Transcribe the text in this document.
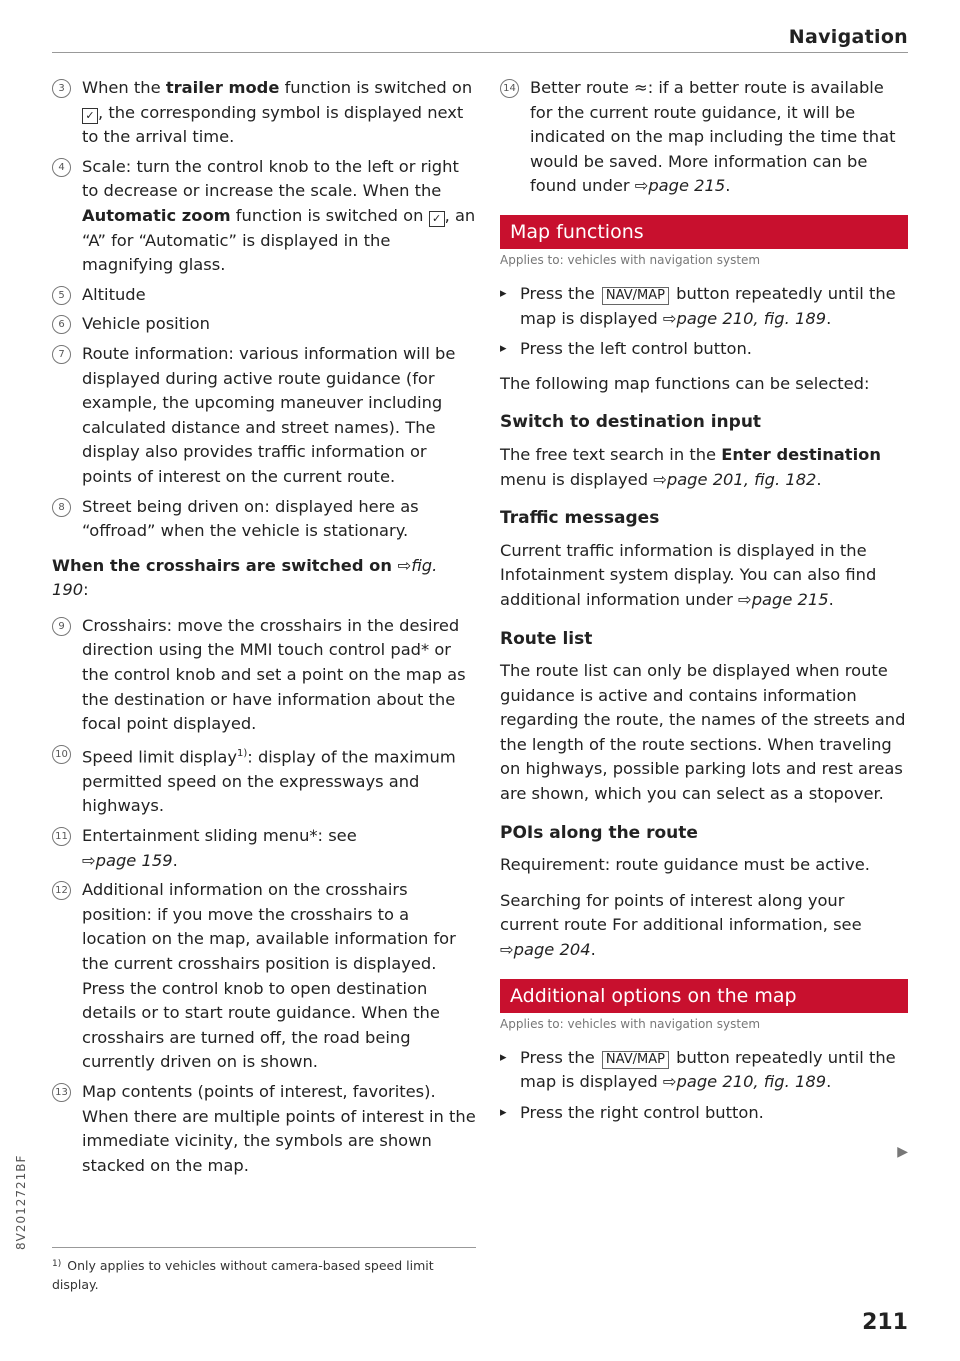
Navigation
3	When the trailer mode function is switched on ✓ , the corresponding symbol is displayed next to the arrival time.
4	Scale: turn the control knob to the left or right to decrease or increase the scale. When the Automatic zoom function is switched on ✓ , an “A” for “Automatic” is displayed in the magnifying glass.
5	Altitude
6	Vehicle position
7	Route information: various information will be displayed during active route guidance (for example, the upcoming maneuver including calculated distance and street names). The display also provides traffic information or points of interest on the current route.
8	Street being driven on: displayed here as “offroad” when the vehicle is stationary.
When the crosshairs are switched on ⇨fig. 190:
9	Crosshairs: move the crosshairs in the desired direction using the MMI touch control pad* or the control knob and set a point on the map as the destination or have information about the focal point displayed.
10 Speed limit display$^{1)}$: display of the maximum permitted speed on the expressways and highways.
11 Entertainment sliding menu*: see
⇨page 159.
12 Additional information on the crosshairs position: if you move the crosshairs to a location on the map, available information for the current crosshairs position is displayed. Press the control knob to open destination details or to start route guidance. When the crosshairs are turned off, the road being currently driven on is shown.
13 Map contents (points of interest, favorites). When there are multiple points of interest in the immediate vicinity, the symbols are shown stacked on the map.
14 Better route ≈: if a better route is available for the current route guidance, it will be indicated on the map including the time that would be saved. More information can be found under ⇨page 215.
Map functions
Applies to: vehicles with navigation system
▸ Press the NAV/MAP button repeatedly until the map is displayed ⇨page 210, fig. 189.
▸ Press the left control button.
The following map functions can be selected:
Switch to destination input
The free text search in the Enter destination menu is displayed ⇨page 201, fig. 182.
Traffic messages
Current traffic information is displayed in the Infotainment system display. You can also find additional information under ⇨page 215.
Route list
The route list can only be displayed when route guidance is active and contains information regarding the route, the names of the streets and the length of the route sections. When traveling on highways, possible parking lots and rest areas are shown, which you can select as a stopover.
POIs along the route
Requirement: route guidance must be active.
Searching for points of interest along your current route For additional information, see ⇨page 204.
Additional options on the map
Applies to: vehicles with navigation system
▸ Press the NAV/MAP button repeatedly until the map is displayed ⇨page 210, fig. 189.
▸ Press the right control button.
▶
$^{1)}$ Only applies to vehicles without camera-based speed limit display.
8V2012721BF
211
